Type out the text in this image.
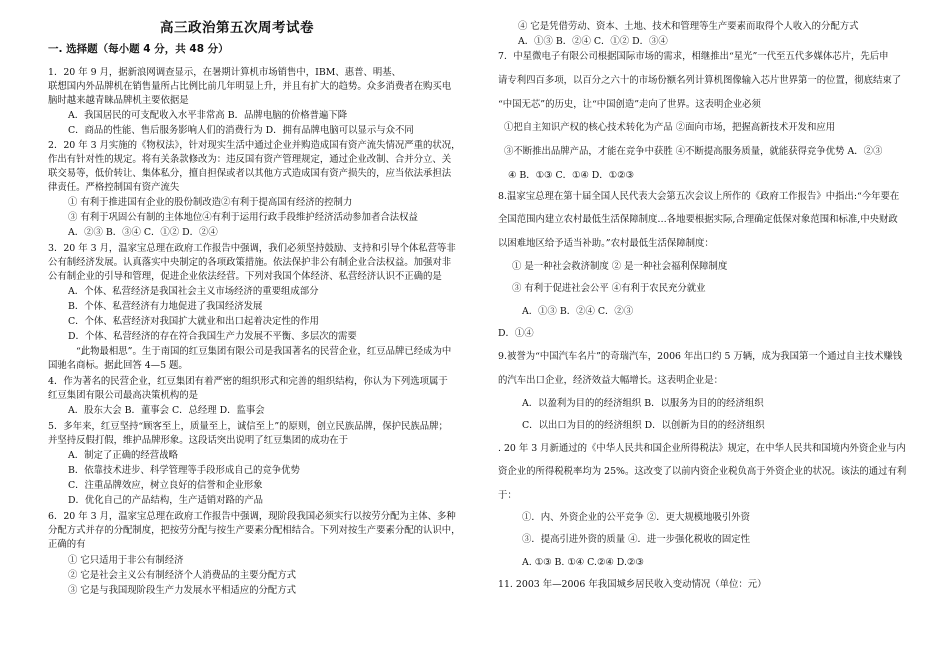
高三政治第五次周考试卷
一. 选择题（每小题 4 分，共 48 分）
1．20 年 9 月，据新浪网调查显示，在暑期计算机市场销售中，IBM、惠普、明基、
联想国内外品牌机在销售量所占比例比前几年明显上升，并且有扩大的趋势。众多消费者在购买电
脑时越来越青睐品牌机主要依据是
A．我国居民的可支配收入水平非常高 B．品牌电脑的价格普遍下降
C．商品的性能、售后服务影响人们的消费行为 D．拥有品牌电脑可以显示与众不同
2．20 年 3 月实施的《物权法》，针对现实生活中通过企业并购造成国有资产流失情况严重的状况，
作出有针对性的规定。将有关条款修改为：违反国有资产管理规定，通过企业改制、合并分立、关
联交易等，低价转让、集体私分，擅自担保或者以其他方式造成国有资产损失的，应当依法承担法
律责任。严格控制国有资产流失
① 有利于推进国有企业的股份制改造②有利于提高国有经济的控制力
③ 有利于巩固公有制的主体地位④有利于运用行政手段维护经济活动参加者合法权益
A．②③ B．③④ C．①② D．②④
3．20 年 3 月，温家宝总理在政府工作报告中强调，我们必须坚持鼓励、支持和引导个体私营等非
公有制经济发展。认真落实中央制定的各项政策措施。依法保护非公有制企业合法权益。加强对非
公有制企业的引导和管理，促进企业依法经营。下列对我国个体经济、私营经济认识不正确的是
A．个体、私营经济是我国社会主义市场经济的重要组成部分
B．个体、私营经济有力地促进了我国经济发展
C．个体、私营经济对我国扩大就业和出口起着决定性的作用
D．个体、私营经济的存在符合我国生产力发展不平衡、多层次的需要
“此物最相思”。生于南国的红豆集团有限公司是我国著名的民营企业，红豆品牌已经成为中
国驰名商标。据此回答 4—5 题。
4．作为著名的民营企业，红豆集团有着严密的组织形式和完善的组织结构，你认为下列选项属于
红豆集团有限公司最高决策机构的是
A．股东大会 B．董事会 C．总经理 D．监事会
5．多年来，红豆坚持“顾客至上，质量至上，诚信至上”的原则，创立民族品牌，保护民族品牌；
并坚持反假打假，维护品牌形象。这段话突出说明了红豆集团的成功在于
A．制定了正确的经营战略
B．依靠技术进步、科学管理等手段形成自己的竞争优势
C．注重品牌效应，树立良好的信誉和企业形象
D．优化自己的产品结构，生产适销对路的产品
6．20 年 3 月，温家宝总理在政府工作报告中强调，现阶段我国必须实行以按劳分配为主体、多种
分配方式并存的分配制度，把按劳分配与按生产要素分配相结合。下列对按生产要素分配的认识中，
正确的有
① 它只适用于非公有制经济
② 它是社会主义公有制经济个人消费品的主要分配方式
③ 它是与我国现阶段生产力发展水平相适应的分配方式
④ 它是凭借劳动、资本、土地、技术和管理等生产要素而取得个人收入的分配方式
A．①③ B．②④ C．①② D．③④
7．中星微电子有限公司根据国际市场的需求，相继推出“星光”一代至五代多媒体芯片，先后申
请专利四百多项，以百分之六十的市场份额名列计算机图像输入芯片世界第一的位置，彻底结束了
“中国无芯”的历史，让“中国创造”走向了世界。这表明企业必须
①把自主知识产权的核心技术转化为产品 ②面向市场，把握高新技术开发和应用
③不断推出品牌产品，才能在竞争中获胜 ④不断提高服务质量，就能获得竞争优势 A．②③
④ B．①③ C．①④ D．①②③
8.温家宝总理在第十届全国人民代表大会第五次会议上所作的《政府工作报告》中指出:“今年要在
全国范围内建立农村最低生活保障制度…各地要根据实际,合理确定低保对象范围和标准,中央财政
以困难地区给予适当补助。”农村最低生活保障制度：
① 是一种社会救济制度 ② 是一种社会福利保障制度
③ 有利于促进社会公平 ④有利于农民充分就业
A．①③ B．②④ C．②③
D．①④
9.被誉为“中国汽车名片”的奇瑞汽车，2006 年出口约 5 万辆，成为我国第一个通过自主技术赚钱
的汽车出口企业，经济效益大幅增长。这表明企业是：
A．以盈利为目的的经济组织 B．以服务为目的的经济组织
C．以出口为目的的经济组织 D．以创新为目的的经济组织
. 20 年 3 月新通过的《中华人民共和国企业所得税法》规定，在中华人民共和国境内外资企业与内
资企业的所得税税率均为 25%。这改变了以前内资企业税负高于外资企业的状况。该法的通过有利
于：
①．内、外资企业的公平竞争 ②．更大规模地吸引外资
③．提高引进外资的质量 ④．进一步强化税收的固定性
A. ①③ B. ①④ C.②④ D.②③
11. 2003 年—2006 年我国城乡居民收入变动情况（单位：元）
